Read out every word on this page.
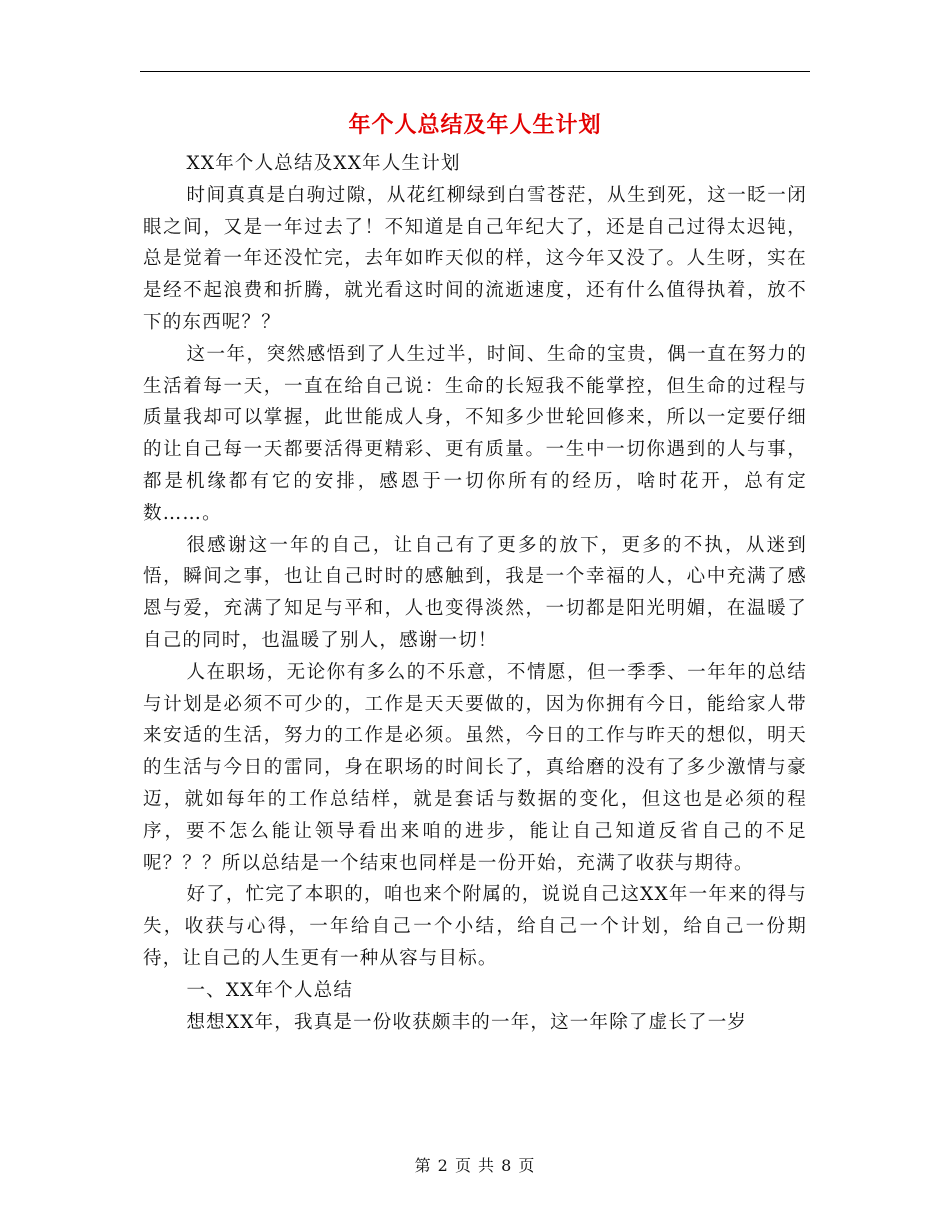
年个人总结及年人生计划

XX年个人总结及XX年人生计划

时间真真是白驹过隙，从花红柳绿到白雪苍茫，从生到死，这一眨一闭眼之间，又是一年过去了！不知道是自己年纪大了，还是自己过得太迟钝，总是觉着一年还没忙完，去年如昨天似的样，这今年又没了。人生呀，实在是经不起浪费和折腾，就光看这时间的流逝速度，还有什么值得执着，放不下的东西呢？？

这一年，突然感悟到了人生过半，时间、生命的宝贵，偶一直在努力的生活着每一天，一直在给自己说：生命的长短我不能掌控，但生命的过程与质量我却可以掌握，此世能成人身，不知多少世轮回修来，所以一定要仔细的让自己每一天都要活得更精彩、更有质量。一生中一切你遇到的人与事，都是机缘都有它的安排，感恩于一切你所有的经历，啥时花开，总有定数……。

很感谢这一年的自己，让自己有了更多的放下，更多的不执，从迷到悟，瞬间之事，也让自己时时的感触到，我是一个幸福的人，心中充满了感恩与爱，充满了知足与平和，人也变得淡然，一切都是阳光明媚，在温暖了自己的同时，也温暖了别人，感谢一切！

人在职场，无论你有多么的不乐意，不情愿，但一季季、一年年的总结与计划是必须不可少的，工作是天天要做的，因为你拥有今日，能给家人带来安适的生活，努力的工作是必须。虽然，今日的工作与昨天的想似，明天的生活与今日的雷同，身在职场的时间长了，真给磨的没有了多少激情与豪迈，就如每年的工作总结样，就是套话与数据的变化，但这也是必须的程序，要不怎么能让领导看出来咱的进步，能让自己知道反省自己的不足呢？？？所以总结是一个结束也同样是一份开始，充满了收获与期待。

好了，忙完了本职的，咱也来个附属的，说说自己这XX年一年来的得与失，收获与心得，一年给自己一个小结，给自己一个计划，给自己一份期待，让自己的人生更有一种从容与目标。

一、XX年个人总结

想想XX年，我真是一份收获颇丰的一年，这一年除了虚长了一岁

第 2 页 共 8 页
